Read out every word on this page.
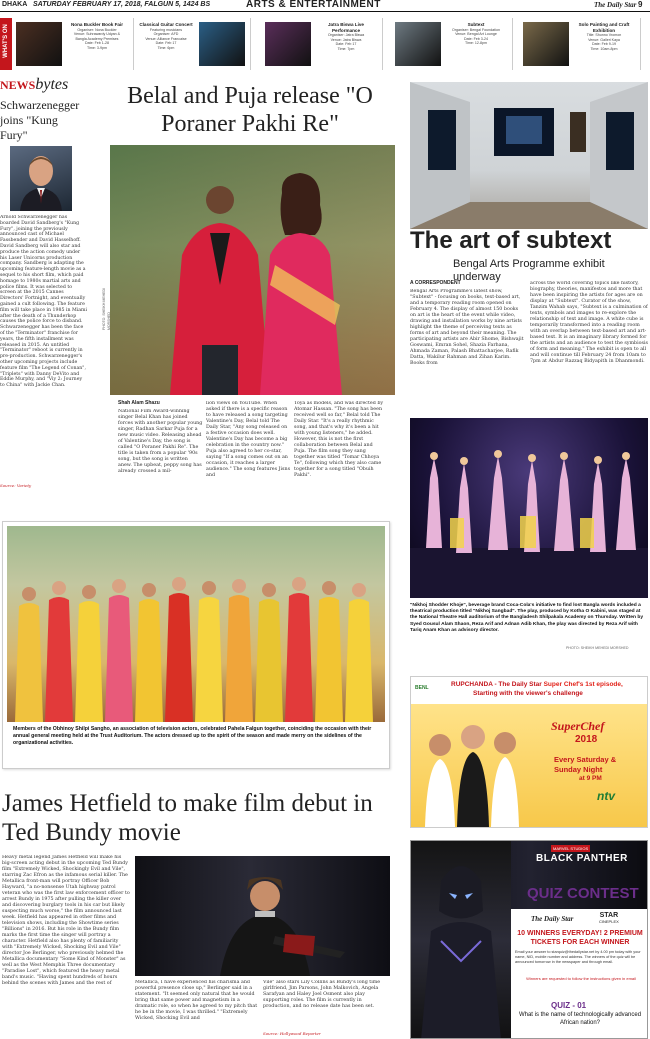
DHAKA SATURDAY FEBRUARY 17, 2018, FALGUN 5, 1424 BS	ARTS & ENTERTAINMENT	The Daily Star 9
WHAT'S ON	Nona Buckler Book Fair
Organiser: Nona Buckler
Venue: Suhrawardy Udyan &
Bangla Academy Premises
Date: Feb 1-28
Time: 3-9pm
Classical Guitar Concert
Featuring musicians
Organiser: AFD
Venue: Alliance Francaise
Date: Feb 17
Time: 6pm
Jatra Biswa Live Performance
Organiser: Jatra Biswa
Venue: Jatra Biswa
Date: Feb 17
Time: 7pm
Subtext
Organiser: Bengal Foundation
Venue: Bengal Art Lounge
Date: Feb 3-24
Time: 12-8pm
Solo Painting and Craft Exhibition
Title: Shunno Vromon
Venue: Galleri Kaya
Date: Feb 9-19
Time: 10am-8pm
NEWSbytes
Schwarzenegger joins "Kung Fury"
Arnold Schwarzenegger has boarded David Sandberg's "Kung Fury", joining the previously announced cast of Michael Fassbender and David Hasselhoff. David Sandberg will also star and produce the action comedy under his Laser Unicorns production company. Sandberg is adapting the upcoming feature-length movie as a sequel to his short film, which paid homage to 1980s martial arts and police films. It was selected to screen at the 2015 Cannes Directors' Fortnight, and eventually gained a cult following. The feature film will take place in 1985 in Miami after the death of a Thunderkop causes the police force to disband. Schwarzenegger has been the face of the "Terminator" franchise for years, the fifth installment was released in 2015. An untitled "Terminator" reboot is currently in pre-production. Schwarzenegger's other upcoming projects include feature film "The Legend of Conan", "Triplets" with Danny DeVito and Eddie Murphy, and "Viy 2: Journey to China" with Jackie Chan.
Source: Variety
Belal and Puja release "O Poraner Pakhi Re"
PHOTO: SHEIKH MEHEDI MORSHED
Shah Alam Shazu
National Film Award-winning singer Belal Khan has joined forces with another popular young singer, Radhan Sarkar Puja for a new music video. Releasing ahead of Valentine's Day, the song is called "O Poraner Pakhi Re". The title is taken from a popular '90s song, but the song is written anew. The upbeat, peppy song has already crossed a mil-
lion views on YouTube. When asked if there is a specific reason to have released a song targeting Valentine's Day, Belal told The Daily Star, "Any song released on a festive occasion does well. Valentine's Day has become a big celebration in the country now." Puja also agreed to her co-star, saying "If a song comes out on an occasion, it reaches a larger audience." The song features Jisns and
Toya as models, and was directed by Atomar Hassan. "The song has been received well so far," Belal told The Daily Star. "It's a really rhythmic song, and that's why it's been a hit with young listeners," he added. However, this is not the first collaboration between Belal and Puja. The film song they sang together was titled "Tomar Chhoya Te", following which they also came together for a song titled "Obuih Pakhi".
The art of subtext
Bengal Arts Programme exhibit underway
A CORRESPONDENT
Bengal Arts Programme's latest show, "Subtext" - focusing on books, text-based art, and a temporary reading room opened on February 4. The display of almost 150 books on art is the heart of the event while video, drawing and installation works by nine artists highlight the theme of perceiving texts as forms of art and beyond their meaning. The participating artists are Abir Shome, Bishwajit Goswami, Emran Sohel, Shazia Farhana, Ahmada Zaman, Palash Bhattacharjee, Rafik Datta, Wakilur Rahman and Zihan Karim. Books from
across the world covering topics like history, biography, theories, manifestos and more that have been inspiring the artists for ages are on display at "Subtext". Curator of the show, Tanzim Wahab says, "Subtext is a culmination of texts, symbols and images to re-explore the relationship of text and image. A white cube is temporarily transformed into a reading room with an overlap between text-based art and art-based text. It is an imaginary library formed for the artists and an audience to test the symbiosis of form and meaning." The exhibit is open to all and will continue till February 24 from 10am to 7pm at Abdur Razzaq Bidyapith in Dhanmondi.
"Nikhoj Shodder Khoje", beverage brand Coca-Cola's initiative to find lost Bangla words included a theatrical production titled "Nikhoj Sangbad". The play, produced by Kotha O Kabini, was staged at the National Theatre Hall auditorium of the Bangladesh Shilpakala Academy on Thursday. Written by Syed Gousul Alam Shaon, Reza Arif and Adnan Adib Khan, the play was directed by Reza Arif with Tariq Anam Khan as advisory director.
PHOTO: SHEIKH MEHEDI MORSHED
BENL	RUPCHANDA - The Daily Star Super Chef's 1st episode,
Starting with the viewer's challenge
SuperChef
2018
Every Saturday &
Sunday Night
at 9 PM
ntv
MARVEL STUDIOS
BLACK PANTHER
QUIZ CONTEST
The Daily Star	STAR
CINEPLEX
10 WINNERS EVERYDAY! 2 PREMIUM TICKETS FOR EACH WINNER
Email your answer to starquiz@thedailystar.net by 4.00 pm today with your name, NID, mobile number and address. The winners of the quiz will be announced tomorrow in the newspaper and through email.
Winners are requested to follow the instructions given in email
QUIZ - 01
What is the name of technologically advanced African nation?
Members of the Obhinoy Shilpi Sangho, an association of television actors, celebrated Pahela Falgun together, coinciding the occasion with their annual general meeting held at the Trust Auditorium. The actors dressed up to the spirit of the season and made merry on the sidelines of the organizational activities.
James Hetfield to make film debut in Ted Bundy movie
Heavy metal legend James Hetfield will make his big-screen acting debut in the upcoming Ted Bundy film "Extremely Wicked, Shockingly Evil and Vile", starring Zac Efron as the infamous serial killer. The Metallica front-man will portray Officer Bob Hayward, "a no-nonsense Utah highway patrol veteran who was the first law enforcement officer to arrest Bundy in 1975 after pulling the killer over and discovering burglary tools in his car but likely suspecting much worse," the film announced last week. Hetfield has appeared in other films and television shows, including the Showtime series "Billions" in 2016. But his role in the Bundy film marks the first time the singer will portray a character. Hetfield also has plenty of familiarity with "Extremely Wicked, Shocking Evil and Vile" director Joe Berlinger, who previously helmed the Metallica documentary "Some Kind of Monster" as well as the West Memphis Three documentary "Paradise Lost", which featured the heavy metal band's music. "Having spent hundreds of hours behind the scenes with James and the rest of	Metallica, I have experienced his charisma and powerful presence close up," Berlinger said in a statement. "It seemed only natural that he would bring that same power and magnetism in a dramatic role, so when he agreed to my pitch that he be in the movie, I was thrilled." "Extremely Wicked, Shocking Evil and
Vile" also stars Lily Collins as Bundy's long time girlfriend, Jim Parsons, John Malkovich, Angela Sarafyan and Haley Joel Osment also play supporting roles. The film is currently in production, and no release date has been set.
Source: Hollywood Reporter
